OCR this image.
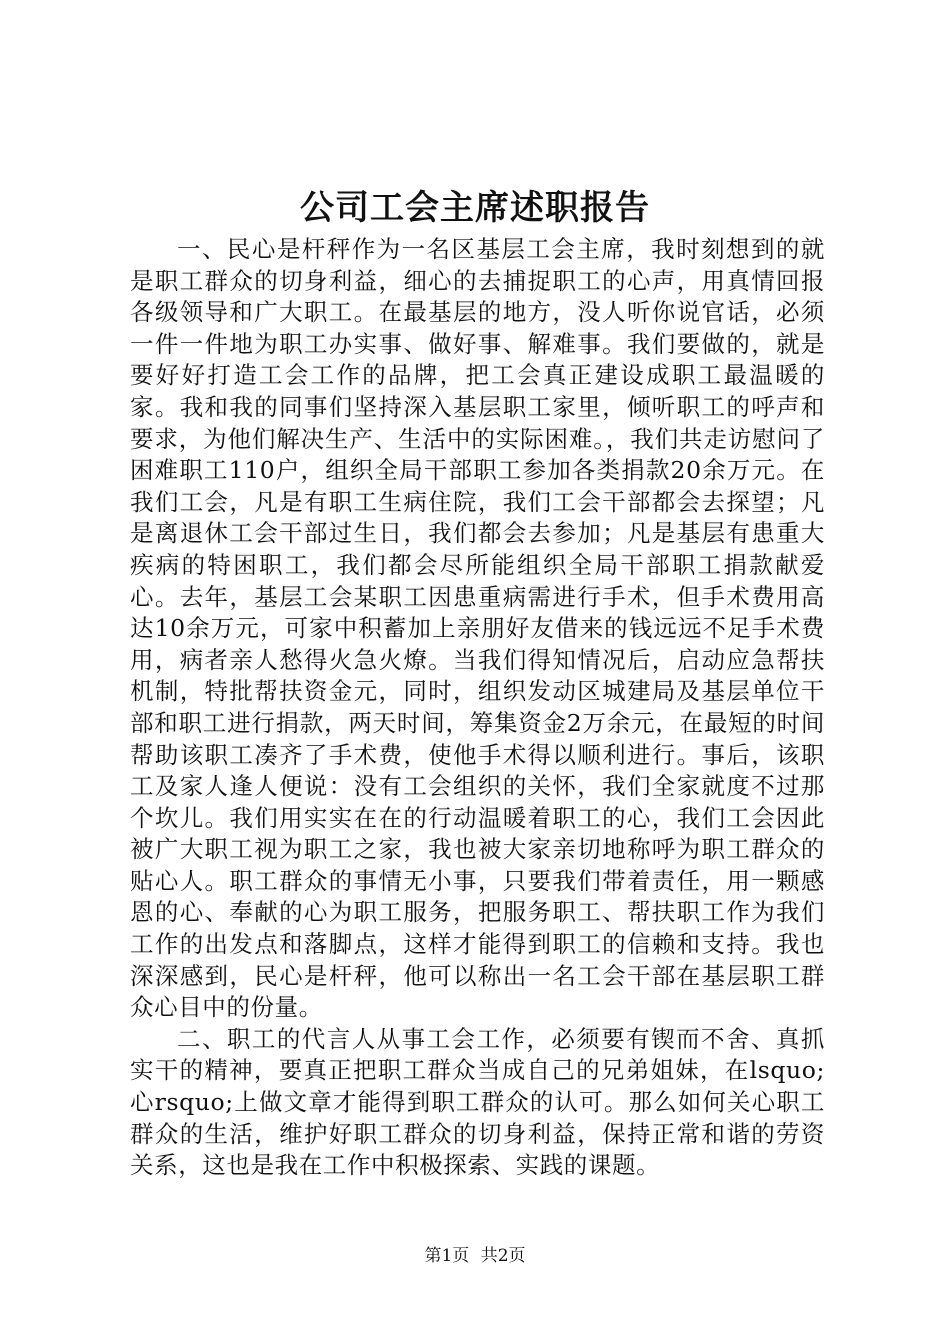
公司工会主席述职报告

一、民心是杆秤作为一名区基层工会主席，我时刻想到的就是职工群众的切身利益，细心的去捕捉职工的心声，用真情回报各级领导和广大职工。在最基层的地方，没人听你说官话，必须一件一件地为职工办实事、做好事、解难事。我们要做的，就是要好好打造工会工作的品牌，把工会真正建设成职工最温暖的家。我和我的同事们坚持深入基层职工家里，倾听职工的呼声和要求，为他们解决生产、生活中的实际困难。，我们共走访慰问了困难职工110户，组织全局干部职工参加各类捐款20余万元。在我们工会，凡是有职工生病住院，我们工会干部都会去探望；凡是离退休工会干部过生日，我们都会去参加；凡是基层有患重大疾病的特困职工，我们都会尽所能组织全局干部职工捐款献爱心。去年，基层工会某职工因患重病需进行手术，但手术费用高达10余万元，可家中积蓄加上亲朋好友借来的钱远远不足手术费用，病者亲人愁得火急火燎。当我们得知情况后，启动应急帮扶机制，特批帮扶资金元，同时，组织发动区城建局及基层单位干部和职工进行捐款，两天时间，筹集资金2万余元，在最短的时间帮助该职工凑齐了手术费，使他手术得以顺利进行。事后，该职工及家人逢人便说：没有工会组织的关怀，我们全家就度不过那个坎儿。我们用实实在在的行动温暖着职工的心，我们工会因此被广大职工视为职工之家，我也被大家亲切地称呼为职工群众的贴心人。职工群众的事情无小事，只要我们带着责任，用一颗感恩的心、奉献的心为职工服务，把服务职工、帮扶职工作为我们工作的出发点和落脚点，这样才能得到职工的信赖和支持。我也深深感到，民心是杆秤，他可以称出一名工会干部在基层职工群众心目中的份量。

二、职工的代言人从事工会工作，必须要有锲而不舍、真抓实干的精神，要真正把职工群众当成自己的兄弟姐妹，在lsquo;心rsquo;上做文章才能得到职工群众的认可。那么如何关心职工群众的生活，维护好职工群众的切身利益，保持正常和谐的劳资关系，这也是我在工作中积极探索、实践的课题。

第1页 共2页
